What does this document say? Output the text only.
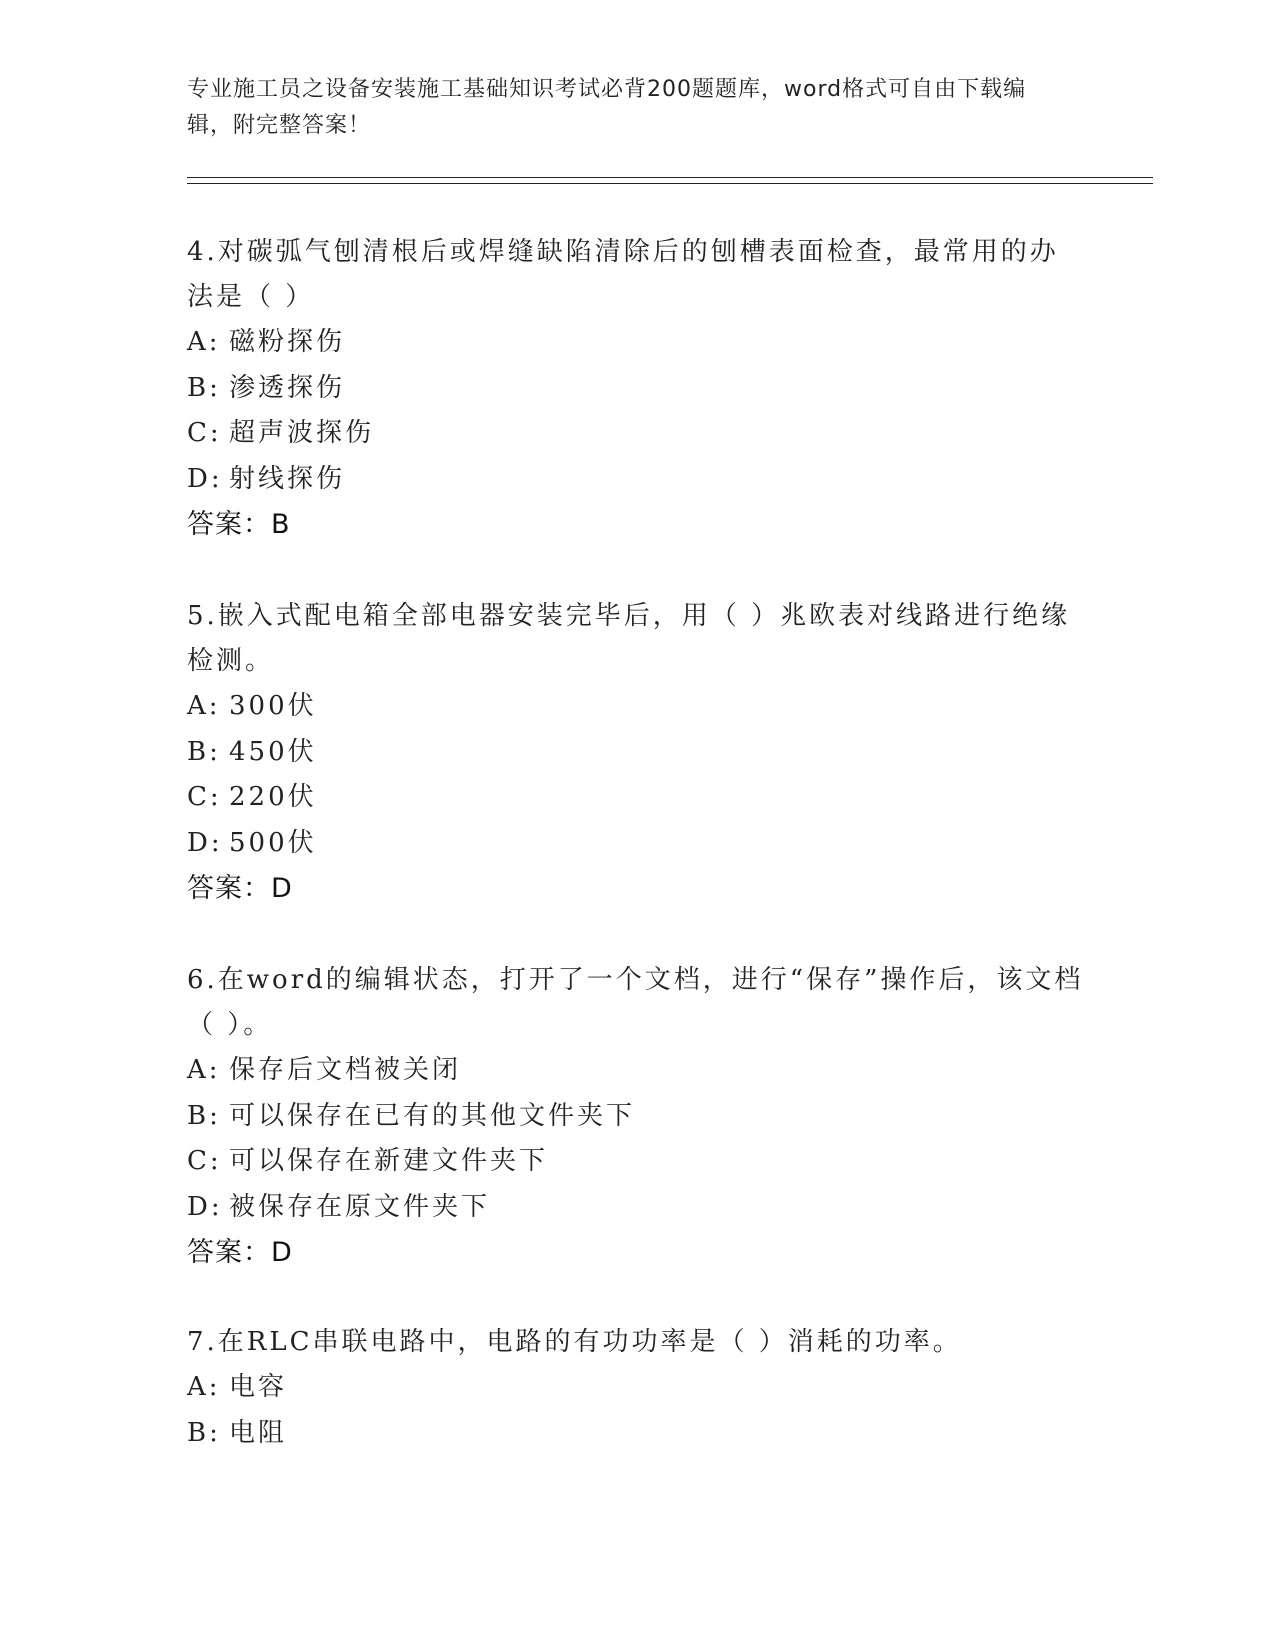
专业施工员之设备安装施工基础知识考试必背200题题库，word格式可自由下载编辑，附完整答案！
4.对碳弧气刨清根后或焊缝缺陷清除后的刨槽表面检查，最常用的办法是（ ）
A: 磁粉探伤
B: 渗透探伤
C: 超声波探伤
D: 射线探伤
答案：B
5.嵌入式配电箱全部电器安装完毕后，用（ ）兆欧表对线路进行绝缘检测。
A: 300伏
B: 450伏
C: 220伏
D: 500伏
答案：D
6.在word的编辑状态，打开了一个文档，进行“保存”操作后，该文档（ ）。
A: 保存后文档被关闭
B: 可以保存在已有的其他文件夹下
C: 可以保存在新建文件夹下
D: 被保存在原文件夹下
答案：D
7.在RLC串联电路中，电路的有功功率是（ ）消耗的功率。
A: 电容
B: 电阻
